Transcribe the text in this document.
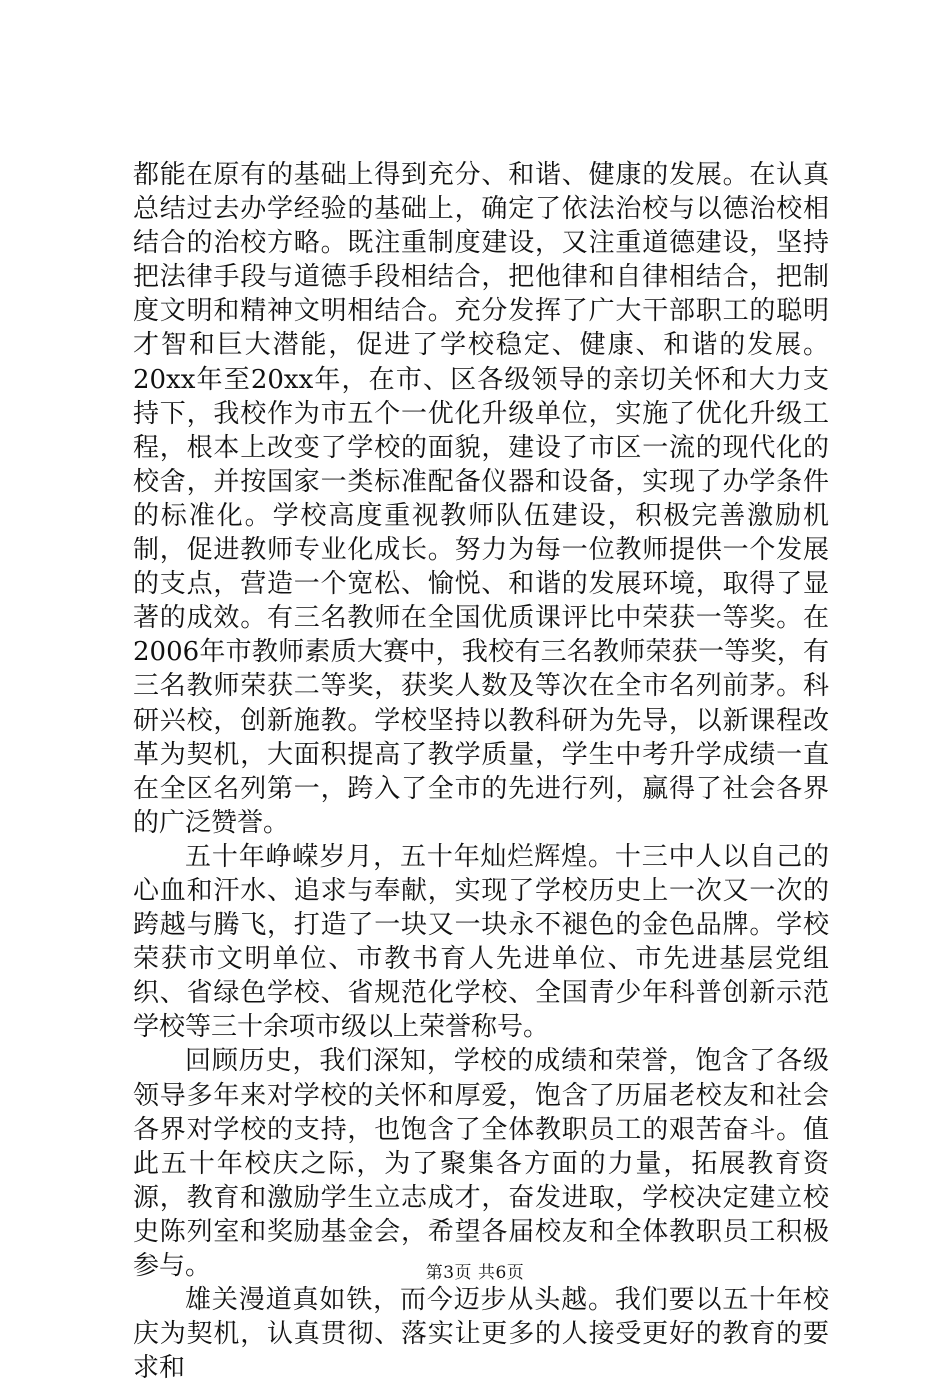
都能在原有的基础上得到充分、和谐、健康的发展。在认真总结过去办学经验的基础上，确定了依法治校与以德治校相结合的治校方略。既注重制度建设，又注重道德建设，坚持把法律手段与道德手段相结合，把他律和自律相结合，把制度文明和精神文明相结合。充分发挥了广大干部职工的聪明才智和巨大潜能，促进了学校稳定、健康、和谐的发展。20xx年至20xx年，在市、区各级领导的亲切关怀和大力支持下，我校作为市五个一优化升级单位，实施了优化升级工程，根本上改变了学校的面貌，建设了市区一流的现代化的校舍，并按国家一类标准配备仪器和设备，实现了办学条件的标准化。学校高度重视教师队伍建设，积极完善激励机制，促进教师专业化成长。努力为每一位教师提供一个发展的支点，营造一个宽松、愉悦、和谐的发展环境，取得了显著的成效。有三名教师在全国优质课评比中荣获一等奖。在2006年市教师素质大赛中，我校有三名教师荣获一等奖，有三名教师荣获二等奖，获奖人数及等次在全市名列前茅。科研兴校，创新施教。学校坚持以教科研为先导，以新课程改革为契机，大面积提高了教学质量，学生中考升学成绩一直在全区名列第一，跨入了全市的先进行列，赢得了社会各界的广泛赞誉。

五十年峥嵘岁月，五十年灿烂辉煌。十三中人以自己的心血和汗水、追求与奉献，实现了学校历史上一次又一次的跨越与腾飞，打造了一块又一块永不褪色的金色品牌。学校荣获市文明单位、市教书育人先进单位、市先进基层党组织、省绿色学校、省规范化学校、全国青少年科普创新示范学校等三十余项市级以上荣誉称号。

回顾历史，我们深知，学校的成绩和荣誉，饱含了各级领导多年来对学校的关怀和厚爱，饱含了历届老校友和社会各界对学校的支持，也饱含了全体教职员工的艰苦奋斗。值此五十年校庆之际，为了聚集各方面的力量，拓展教育资源，教育和激励学生立志成才，奋发进取，学校决定建立校史陈列室和奖励基金会，希望各届校友和全体教职员工积极参与。

雄关漫道真如铁，而今迈步从头越。我们要以五十年校庆为契机，认真贯彻、落实让更多的人接受更好的教育的要求和

第3页 共6页
